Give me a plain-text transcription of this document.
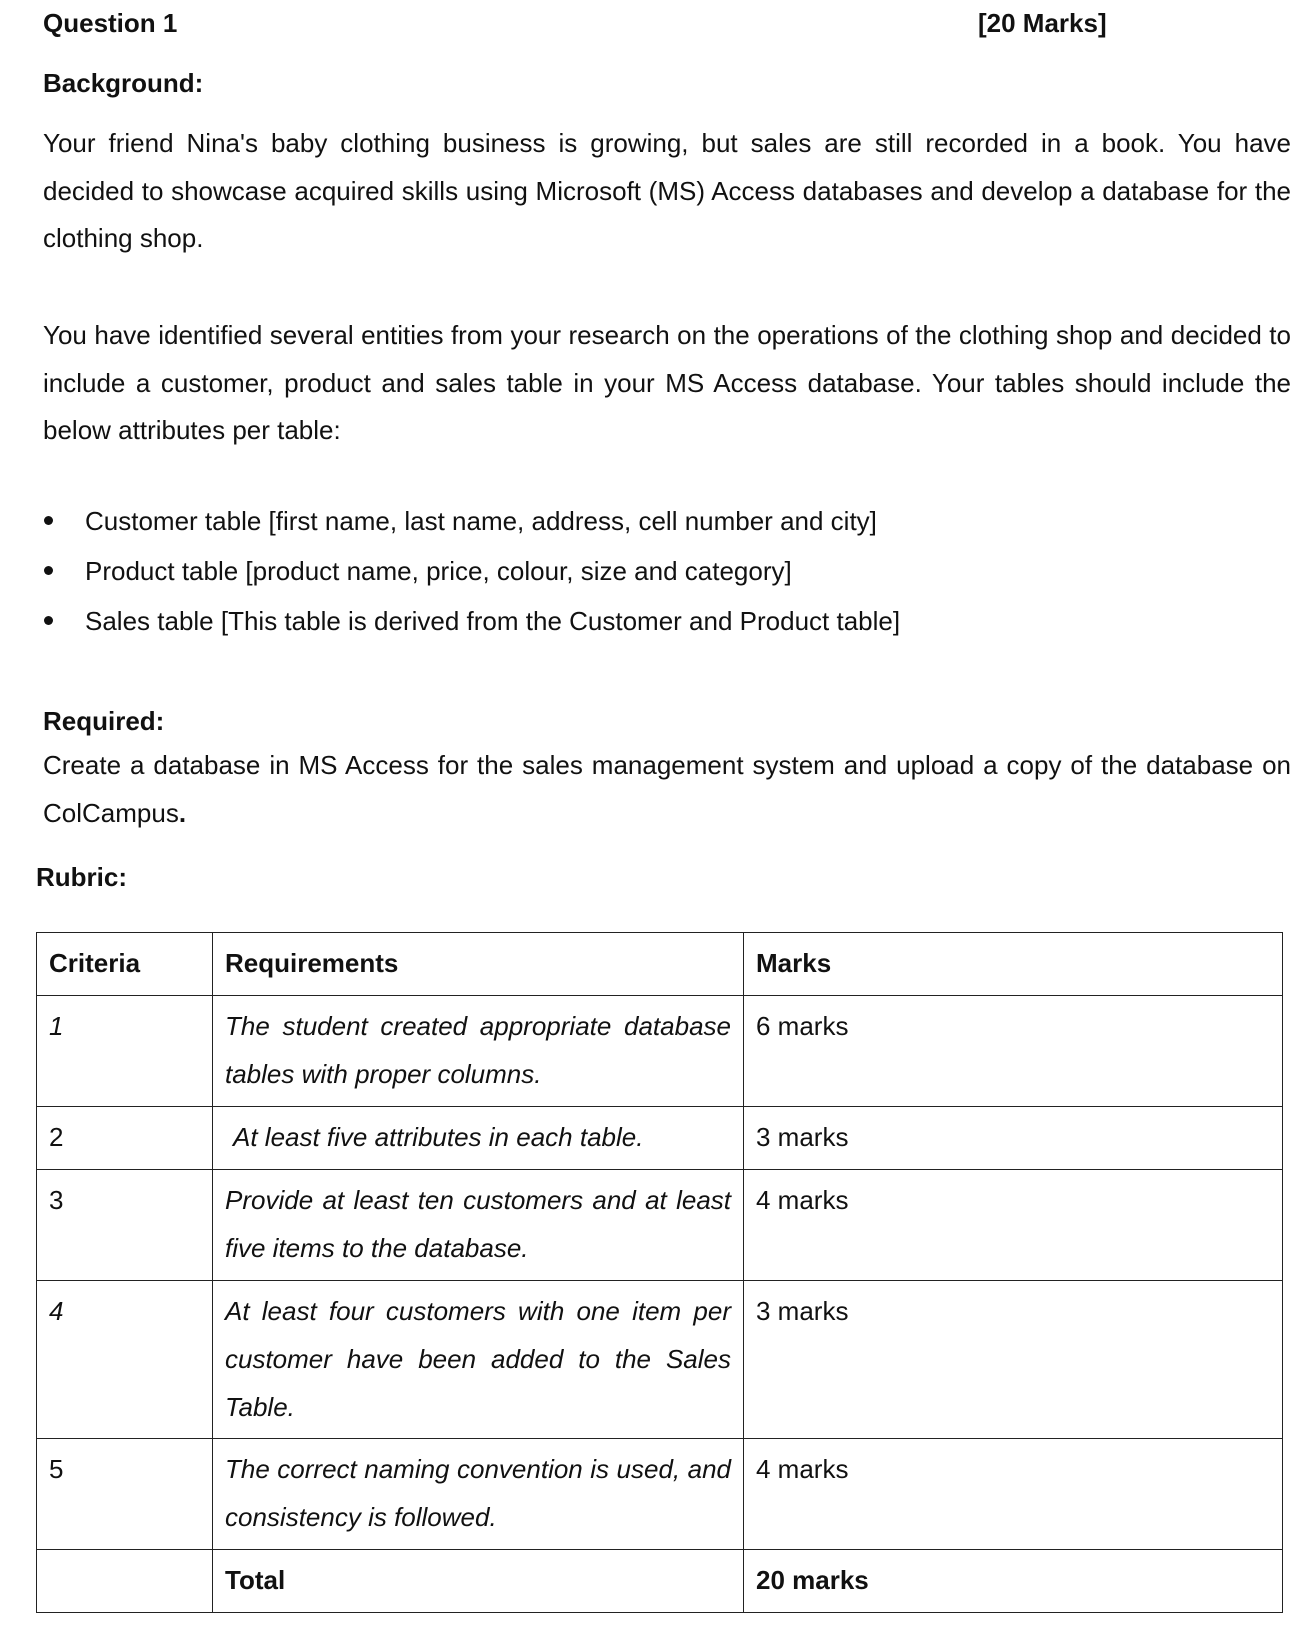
Question 1	[20 Marks]
Background:
Your friend Nina's baby clothing business is growing, but sales are still recorded in a book. You have decided to showcase acquired skills using Microsoft (MS) Access databases and develop a database for the clothing shop.
You have identified several entities from your research on the operations of the clothing shop and decided to include a customer, product and sales table in your MS Access database. Your tables should include the below attributes per table:
Customer table [first name, last name, address, cell number and city]
Product table [product name, price, colour, size and category]
Sales table [This table is derived from the Customer and Product table]
Required:
Create a database in MS Access for the sales management system and upload a copy of the database on ColCampus.
Rubric:
Criteria	Requirements	Marks

1	The student created appropriate database tables with proper columns.	6 marks

2	At least five attributes in each table.	3 marks

3	Provide at least ten customers and at least five items to the database.	4 marks

4	At least four customers with one item per customer have been added to the Sales Table.	3 marks

5	The correct naming convention is used, and consistency is followed.	4 marks

	Total	20 marks
